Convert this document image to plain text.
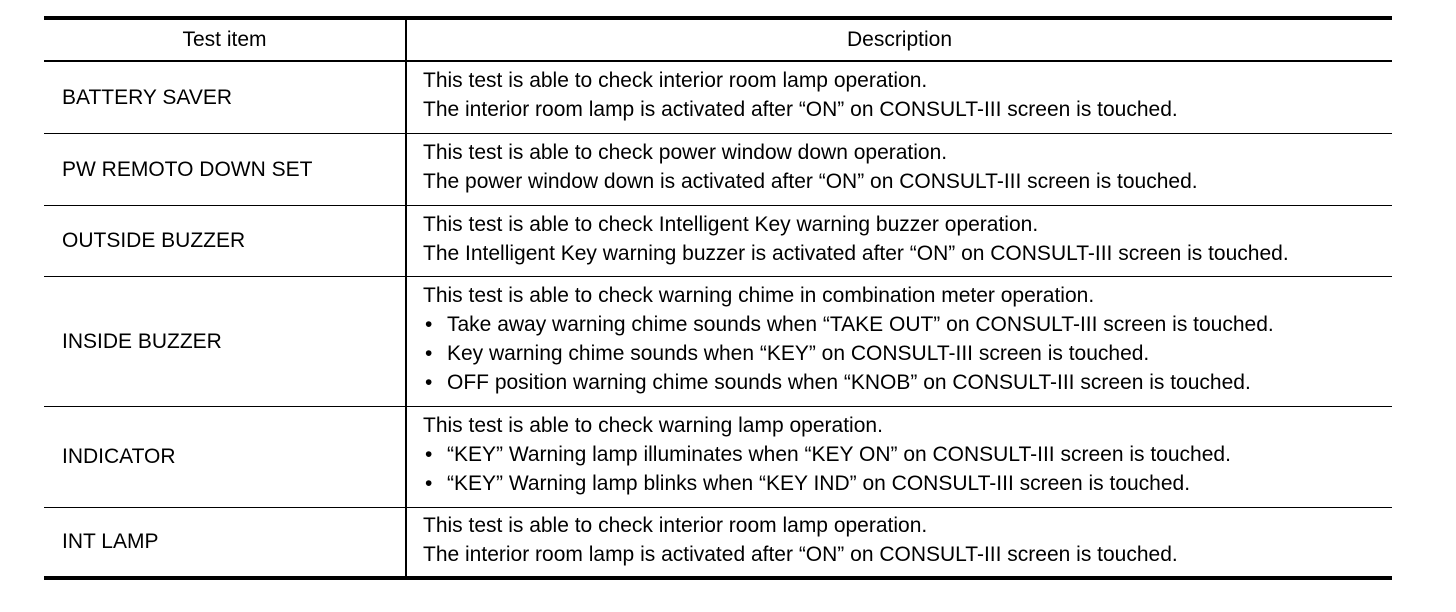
Test item	Description
BATTERY SAVER	This test is able to check interior room lamp operation.
The interior room lamp is activated after “ON” on CONSULT-III screen is touched.

PW REMOTO DOWN SET	This test is able to check power window down operation.
The power window down is activated after “ON” on CONSULT-III screen is touched.

OUTSIDE BUZZER	This test is able to check Intelligent Key warning buzzer operation.
The Intelligent Key warning buzzer is activated after “ON” on CONSULT-III screen is touched.

INSIDE BUZZER	This test is able to check warning chime in combination meter operation.
• Take away warning chime sounds when “TAKE OUT” on CONSULT-III screen is touched.
• Key warning chime sounds when “KEY” on CONSULT-III screen is touched.
• OFF position warning chime sounds when “KNOB” on CONSULT-III screen is touched.

INDICATOR	This test is able to check warning lamp operation.
• “KEY” Warning lamp illuminates when “KEY ON” on CONSULT-III screen is touched.
• “KEY” Warning lamp blinks when “KEY IND” on CONSULT-III screen is touched.

INT LAMP	This test is able to check interior room lamp operation.
The interior room lamp is activated after “ON” on CONSULT-III screen is touched.
